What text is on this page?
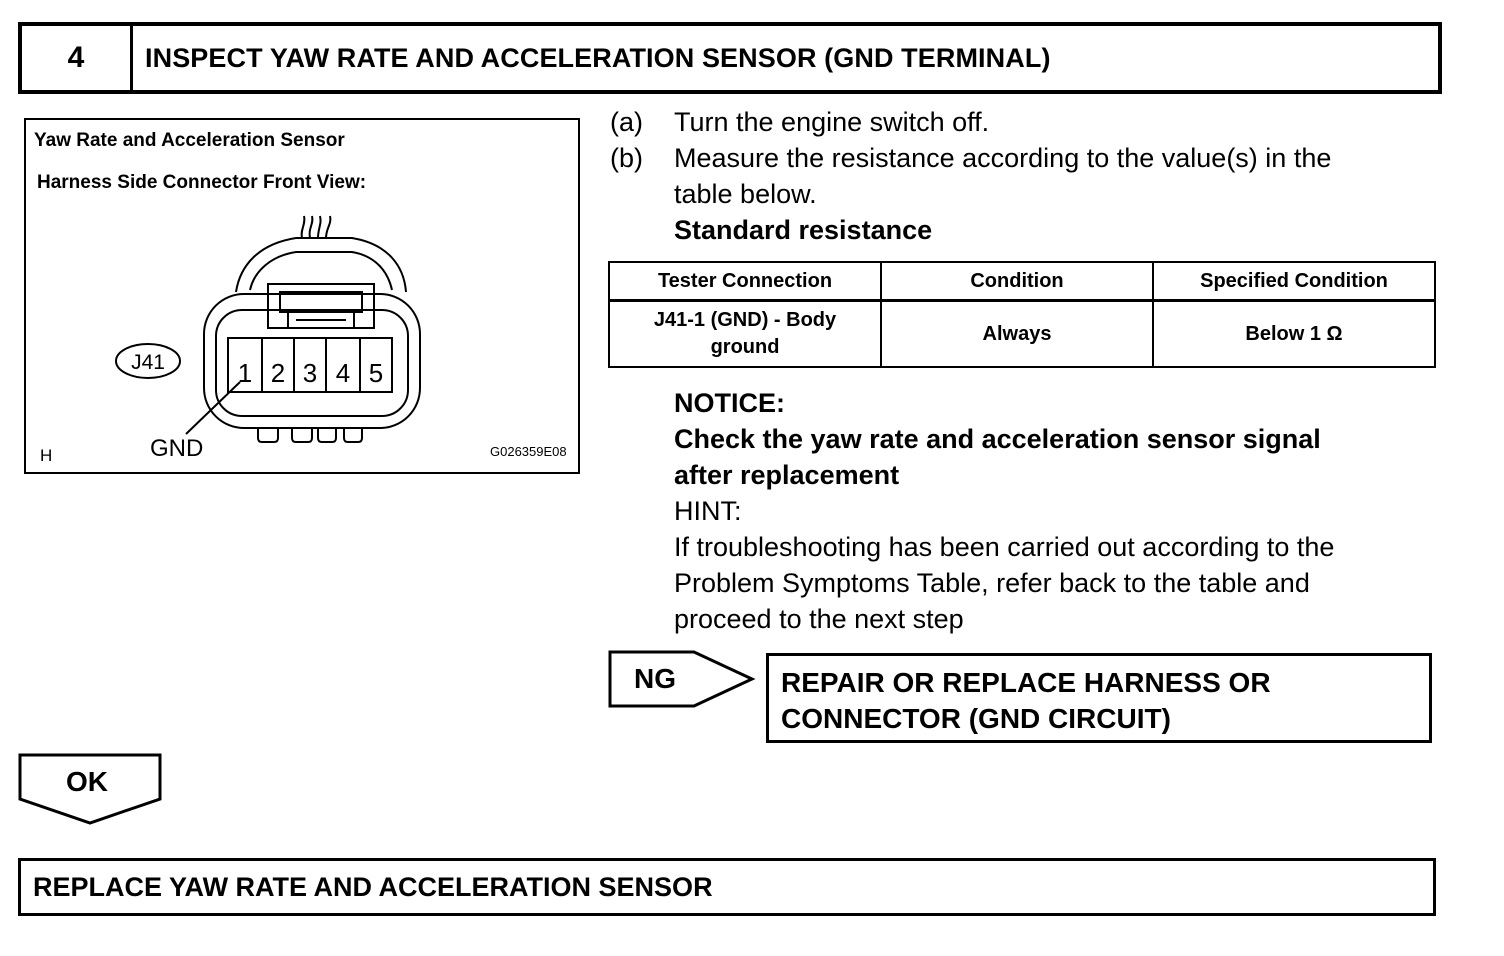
4	INSPECT YAW RATE AND ACCELERATION SENSOR (GND TERMINAL)
J41	1 2 3 4 5
GND
Yaw Rate and Acceleration Sensor
Harness Side Connector Front View:
H	G026359E08
(a) Turn the engine switch off.
(b) Measure the resistance according to the value(s) in the
table below.
Standard resistance
Tester Connection	Condition	Specified Condition

J41-1 (GND) - Body
ground	Always	Below 1 Ω
NOTICE:
Check the yaw rate and acceleration sensor signal
after replacement
HINT:
If troubleshooting has been carried out according to the
Problem Symptoms Table, refer back to the table and
proceed to the next step
NG	REPAIR OR REPLACE HARNESS OR
CONNECTOR (GND CIRCUIT)
OK
REPLACE YAW RATE AND ACCELERATION SENSOR
